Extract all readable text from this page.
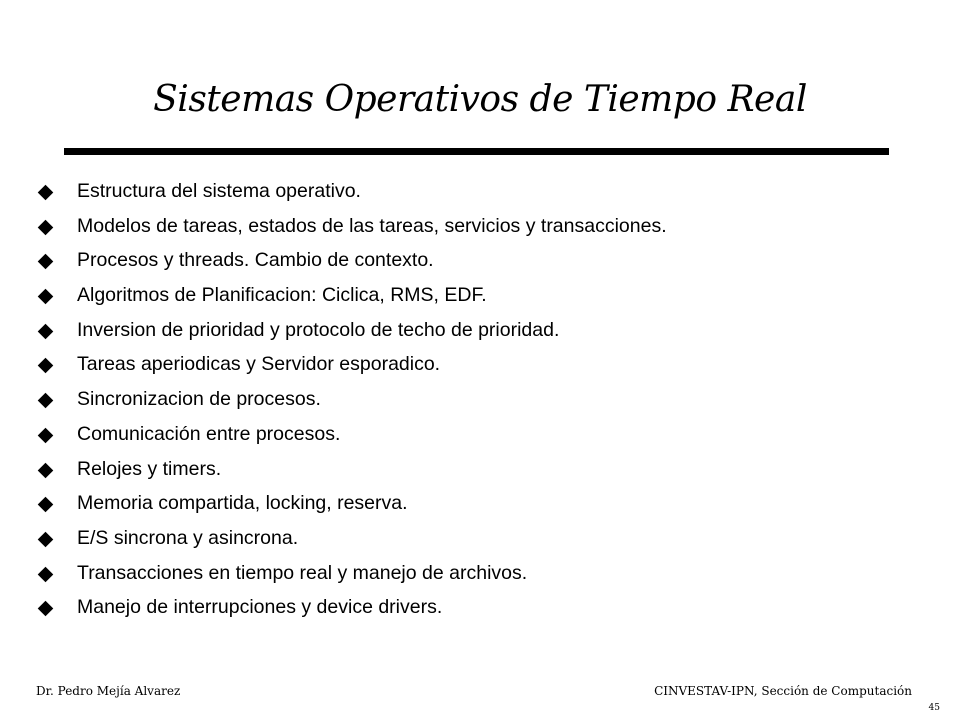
Sistemas Operativos de Tiempo Real
Estructura del sistema operativo.
Modelos de tareas, estados de las tareas, servicios y transacciones.
Procesos y threads. Cambio de contexto.
Algoritmos de Planificacion: Ciclica, RMS, EDF.
Inversion de prioridad y protocolo de techo de prioridad.
Tareas aperiodicas y Servidor esporadico.
Sincronizacion de procesos.
Comunicación entre procesos.
Relojes y timers.
Memoria compartida, locking, reserva.
E/S sincrona y asincrona.
Transacciones en tiempo real y manejo de archivos.
Manejo de interrupciones y device drivers.
Dr. Pedro Mejía Alvarez	CINVESTAV-IPN, Sección de Computación
45
